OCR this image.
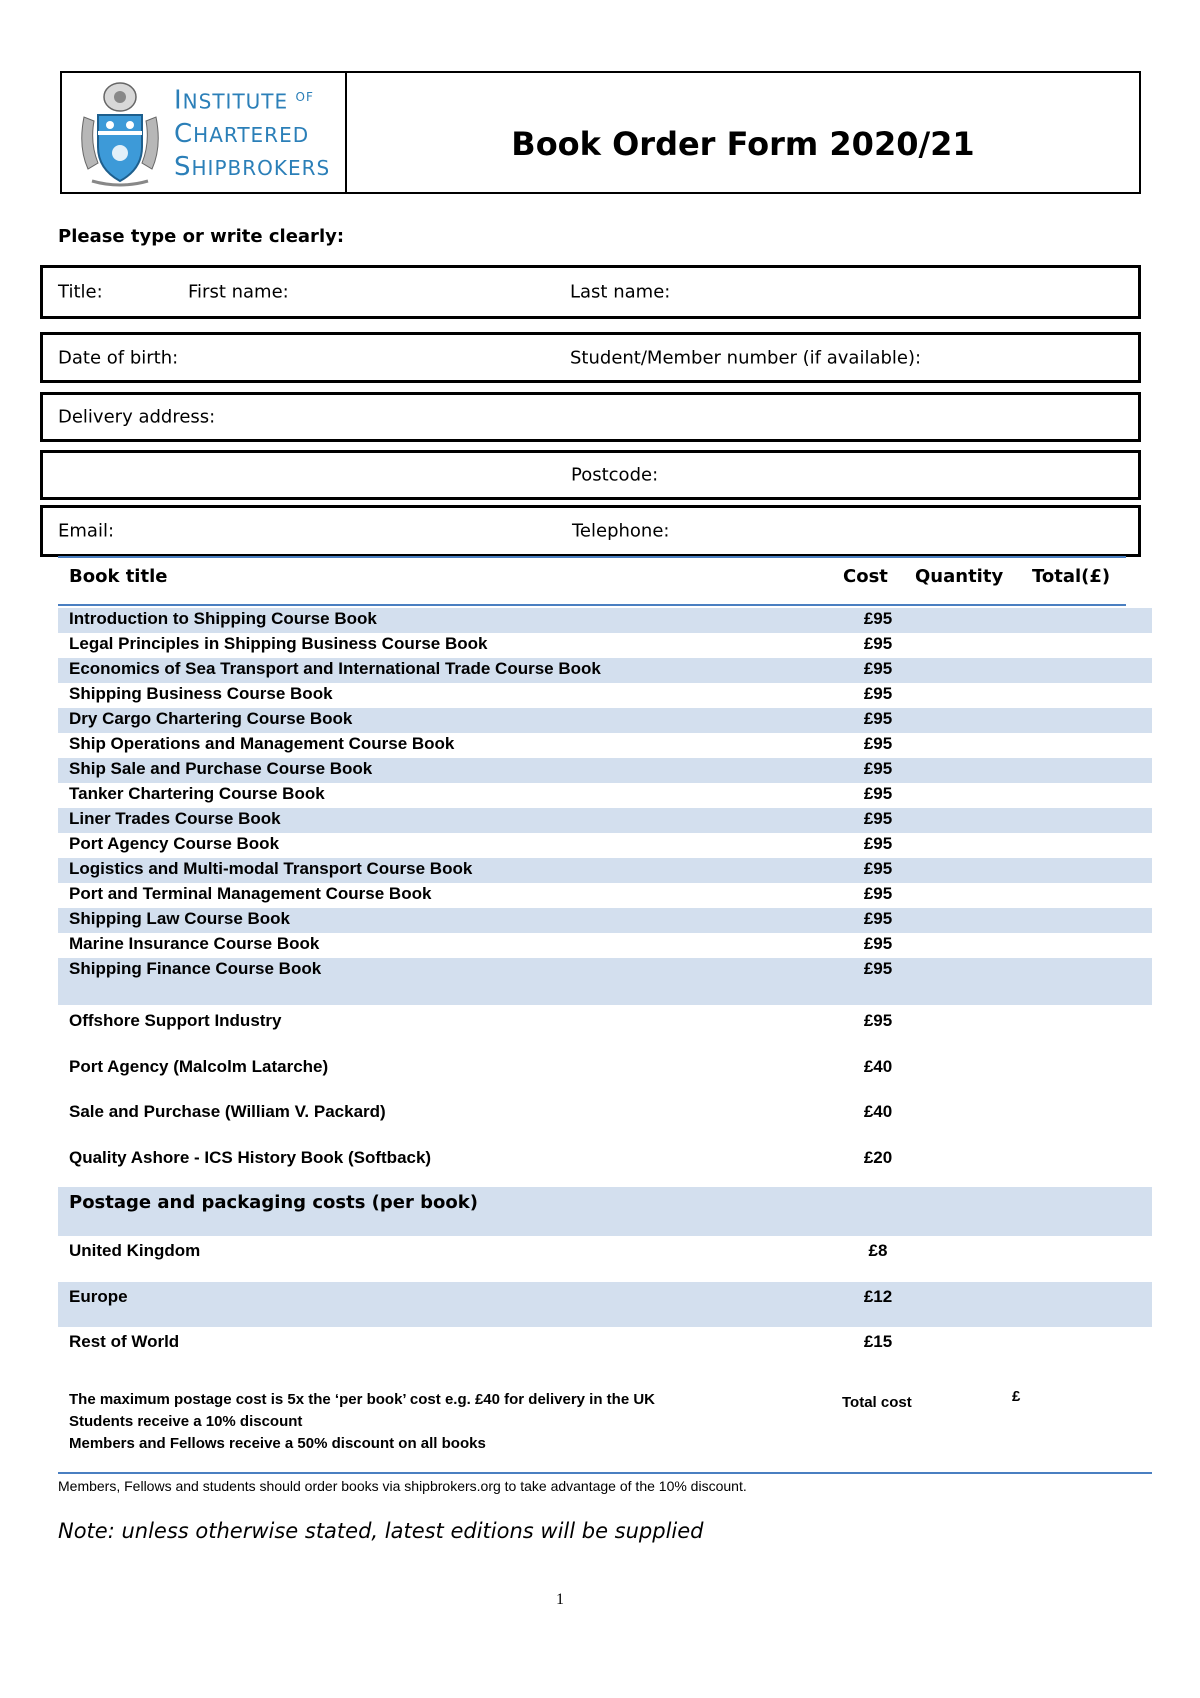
INSTITUTE $^{OF}$
CHARTERED
SHIPBROKERS
Book Order Form 2020/21
Please type or write clearly:
Title:	First name:	Last name:
Date of birth:	Student/Member number (if available):
Delivery address:
Postcode:
Email:	Telephone:
Book title	Cost Quantity Total(£)
Introduction to Shipping Course Book	£95
Legal Principles in Shipping Business Course Book	£95
Economics of Sea Transport and International Trade Course Book	£95
Shipping Business Course Book	£95
Dry Cargo Chartering Course Book	£95
Ship Operations and Management Course Book	£95
Ship Sale and Purchase Course Book	£95
Tanker Chartering Course Book	£95
Liner Trades Course Book	£95
Port Agency Course Book	£95
Logistics and Multi-modal Transport Course Book	£95
Port and Terminal Management Course Book	£95
Shipping Law Course Book	£95
Marine Insurance Course Book	£95
Shipping Finance Course Book	£95
Offshore Support Industry	£95
Port Agency (Malcolm Latarche)	£40
Sale and Purchase (William V. Packard)	£40
Quality Ashore - ICS History Book (Softback)	£20
Postage and packaging costs (per book)
United Kingdom	£8
Europe	£12
Rest of World	£15
The maximum postage cost is 5x the ‘per book’ cost e.g. £40 for delivery in the UK
Students receive a 10% discount
Members and Fellows receive a 50% discount on all books
Total cost	£
Members, Fellows and students should order books via shipbrokers.org to take advantage of the 10% discount.
Note: unless otherwise stated, latest editions will be supplied
1
